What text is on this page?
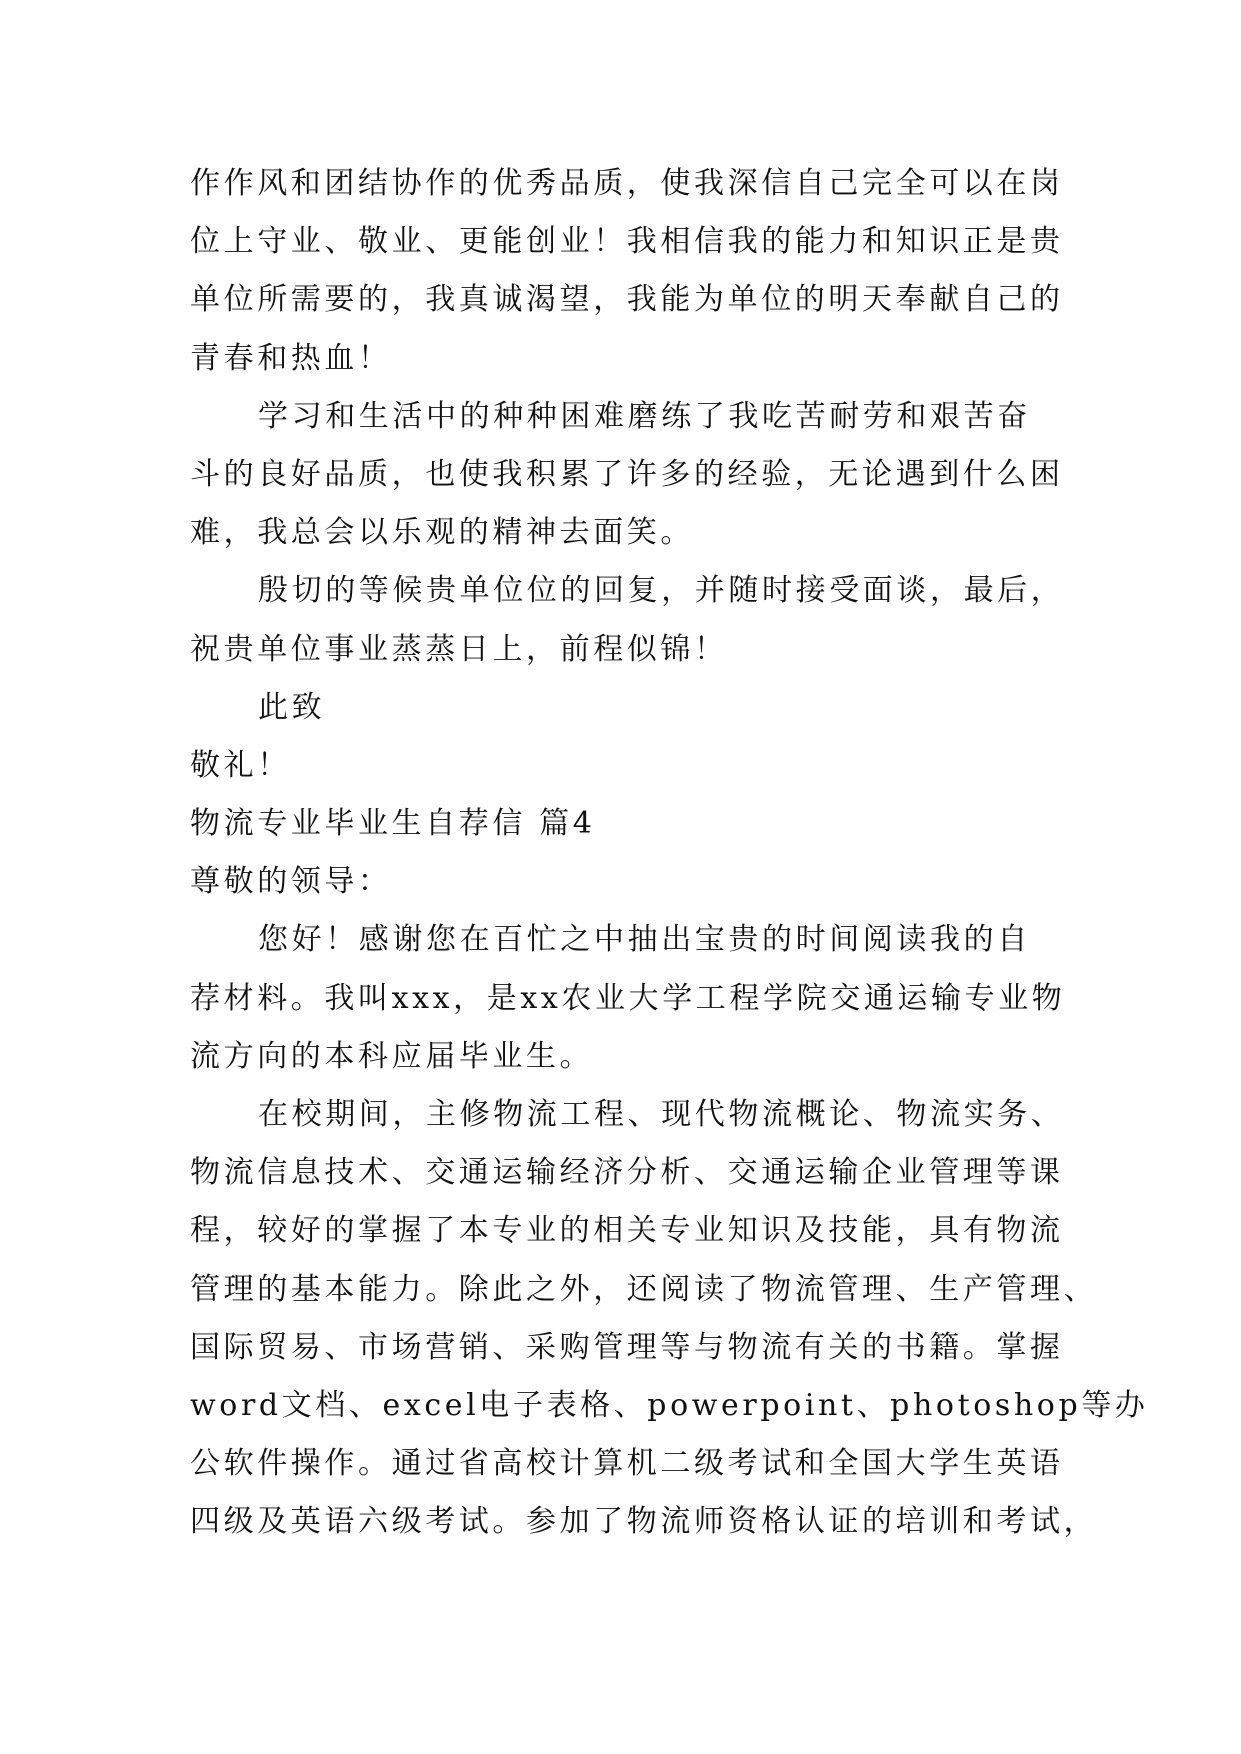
作作风和团结协作的优秀品质，使我深信自己完全可以在岗
位上守业、敬业、更能创业！我相信我的能力和知识正是贵
单位所需要的，我真诚渴望，我能为单位的明天奉献自己的
青春和热血！
学习和生活中的种种困难磨练了我吃苦耐劳和艰苦奋
斗的良好品质，也使我积累了许多的经验，无论遇到什么困
难，我总会以乐观的精神去面笑。
殷切的等候贵单位位的回复，并随时接受面谈，最后，
祝贵单位事业蒸蒸日上，前程似锦！
此致
敬礼！
物流专业毕业生自荐信 篇4
尊敬的领导：
您好！感谢您在百忙之中抽出宝贵的时间阅读我的自
荐材料。我叫xxx，是xx农业大学工程学院交通运输专业物
流方向的本科应届毕业生。
在校期间，主修物流工程、现代物流概论、物流实务、
物流信息技术、交通运输经济分析、交通运输企业管理等课
程，较好的掌握了本专业的相关专业知识及技能，具有物流
管理的基本能力。除此之外，还阅读了物流管理、生产管理、
国际贸易、市场营销、采购管理等与物流有关的书籍。掌握
word文档、excel电子表格、powerpoint、photoshop等办
公软件操作。通过省高校计算机二级考试和全国大学生英语
四级及英语六级考试。参加了物流师资格认证的培训和考试，
